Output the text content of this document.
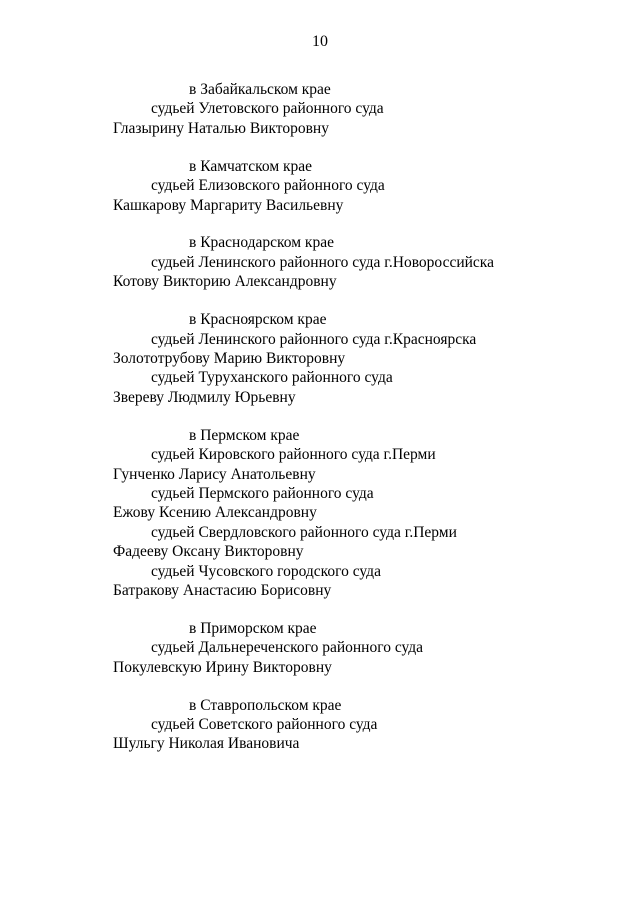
10
в Забайкальском крае
судьей Улетовского районного суда
Глазырину Наталью Викторовну
в Камчатском крае
судьей Елизовского районного суда
Кашкарову Маргариту Васильевну
в Краснодарском крае
судьей Ленинского районного суда г.Новороссийска
Котову Викторию Александровну
в Красноярском крае
судьей Ленинского районного суда г.Красноярска
Золототрубову Марию Викторовну
судьей Туруханского районного суда
Звереву Людмилу Юрьевну
в Пермском крае
судьей Кировского районного суда г.Перми
Гунченко Ларису Анатольевну
судьей Пермского районного суда
Ежову Ксению Александровну
судьей Свердловского районного суда г.Перми
Фадееву Оксану Викторовну
судьей Чусовского городского суда
Батракову Анастасию Борисовну
в Приморском крае
судьей Дальнереченского районного суда
Покулевскую Ирину Викторовну
в Ставропольском крае
судьей Советского районного суда
Шульгу Николая Ивановича
